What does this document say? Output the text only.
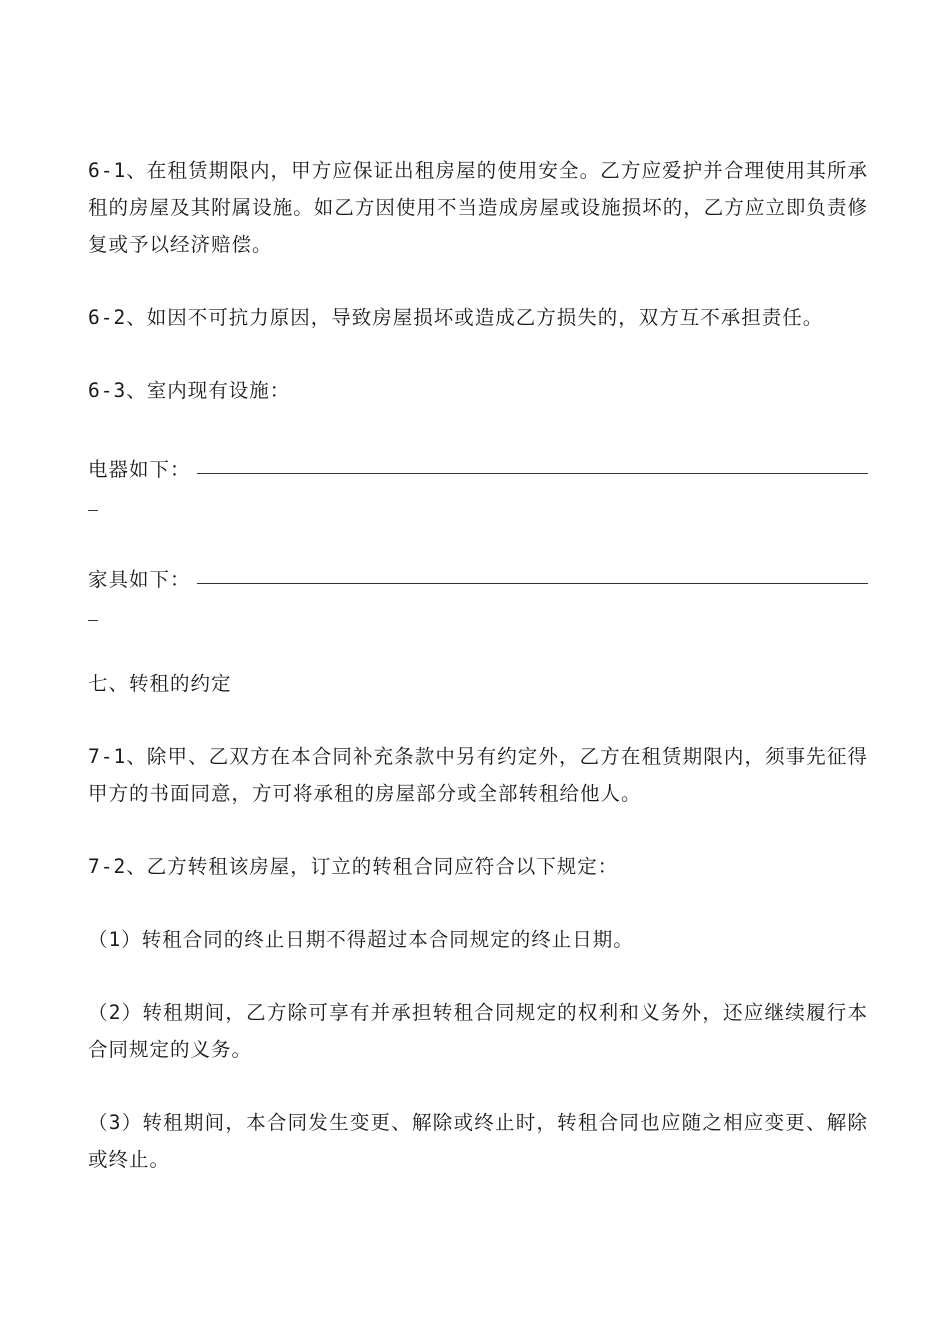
6-1、在租赁期限内，甲方应保证出租房屋的使用安全。乙方应爱护并合理使用其所承租的房屋及其附属设施。如乙方因使用不当造成房屋或设施损坏的，乙方应立即负责修复或予以经济赔偿。

6-2、如因不可抗力原因，导致房屋损坏或造成乙方损失的，双方互不承担责任。

6-3、室内现有设施：

电器如下：
家具如下：

七、转租的约定

7-1、除甲、乙双方在本合同补充条款中另有约定外，乙方在租赁期限内，须事先征得甲方的书面同意，方可将承租的房屋部分或全部转租给他人。

7-2、乙方转租该房屋，订立的转租合同应符合以下规定：

（1）转租合同的终止日期不得超过本合同规定的终止日期。

（2）转租期间，乙方除可享有并承担转租合同规定的权利和义务外，还应继续履行本合同规定的义务。

（3）转租期间，本合同发生变更、解除或终止时，转租合同也应随之相应变更、解除或终止。
